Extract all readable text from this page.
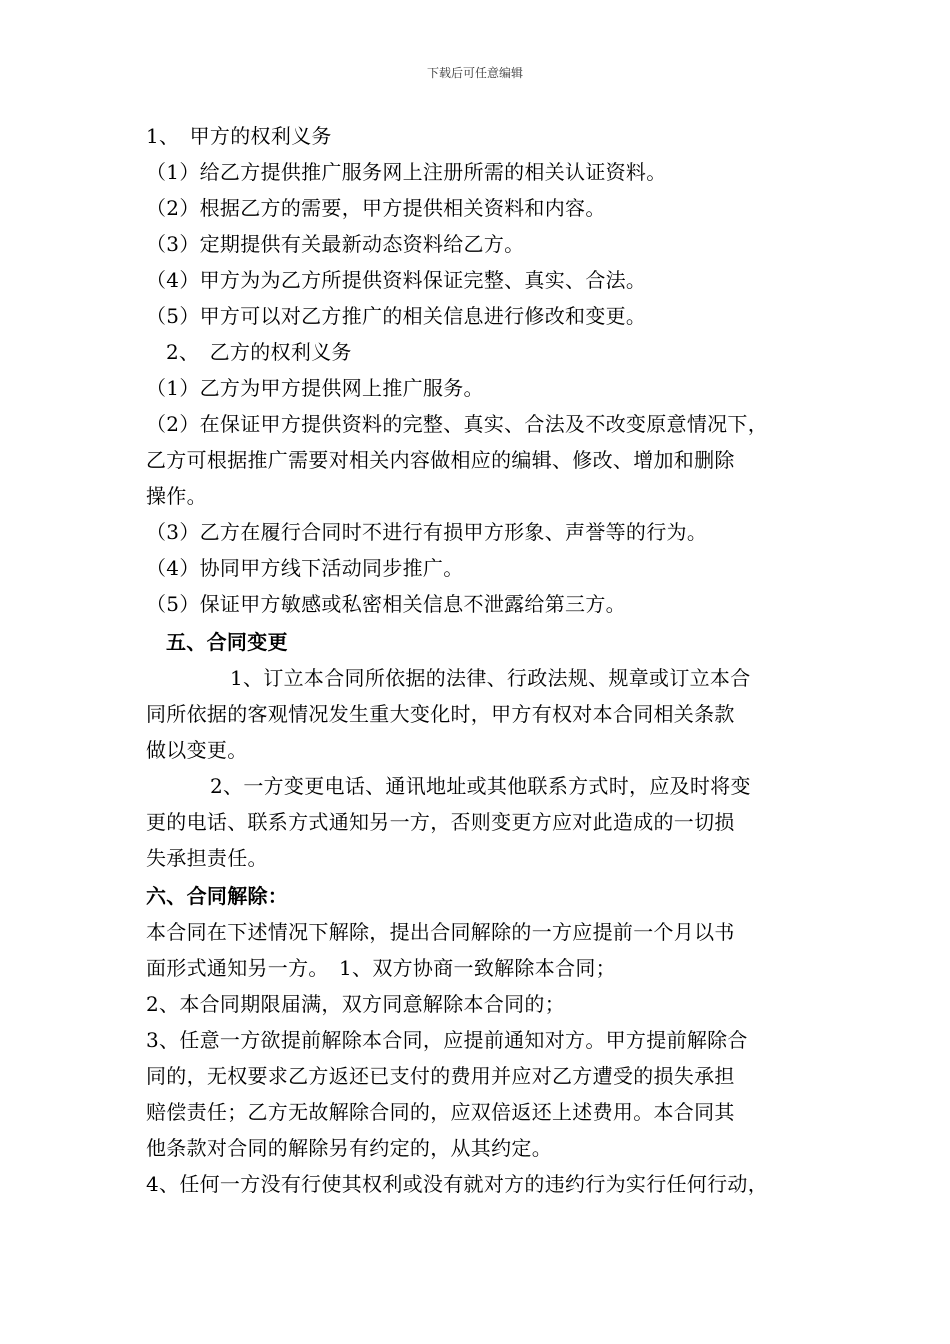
下载后可任意编辑
1、　甲方的权利义务
（1）给乙方提供推广服务网上注册所需的相关认证资料。
（2）根据乙方的需要，甲方提供相关资料和内容。
（3）定期提供有关最新动态资料给乙方。
（4）甲方为为乙方所提供资料保证完整、真实、合法。
（5）甲方可以对乙方推广的相关信息进行修改和变更。
2、　乙方的权利义务
（1）乙方为甲方提供网上推广服务。
（2）在保证甲方提供资料的完整、真实、合法及不改变原意情况下，
乙方可根据推广需要对相关内容做相应的编辑、修改、增加和删除
操作。
（3）乙方在履行合同时不进行有损甲方形象、声誉等的行为。
（4）协同甲方线下活动同步推广。
（5）保证甲方敏感或私密相关信息不泄露给第三方。
五、合同变更
1、订立本合同所依据的法律、行政法规、规章或订立本合
同所依据的客观情况发生重大变化时，甲方有权对本合同相关条款
做以变更。
2、一方变更电话、通讯地址或其他联系方式时，应及时将变
更的电话、联系方式通知另一方，否则变更方应对此造成的一切损
失承担责任。
六、合同解除：
本合同在下述情况下解除，提出合同解除的一方应提前一个月以书
面形式通知另一方。　1、双方协商一致解除本合同；
2、本合同期限届满，双方同意解除本合同的；
3、任意一方欲提前解除本合同，应提前通知对方。甲方提前解除合
同的，无权要求乙方返还已支付的费用并应对乙方遭受的损失承担
赔偿责任；乙方无故解除合同的，应双倍返还上述费用。本合同其
他条款对合同的解除另有约定的，从其约定。
4、任何一方没有行使其权利或没有就对方的违约行为实行任何行动，
